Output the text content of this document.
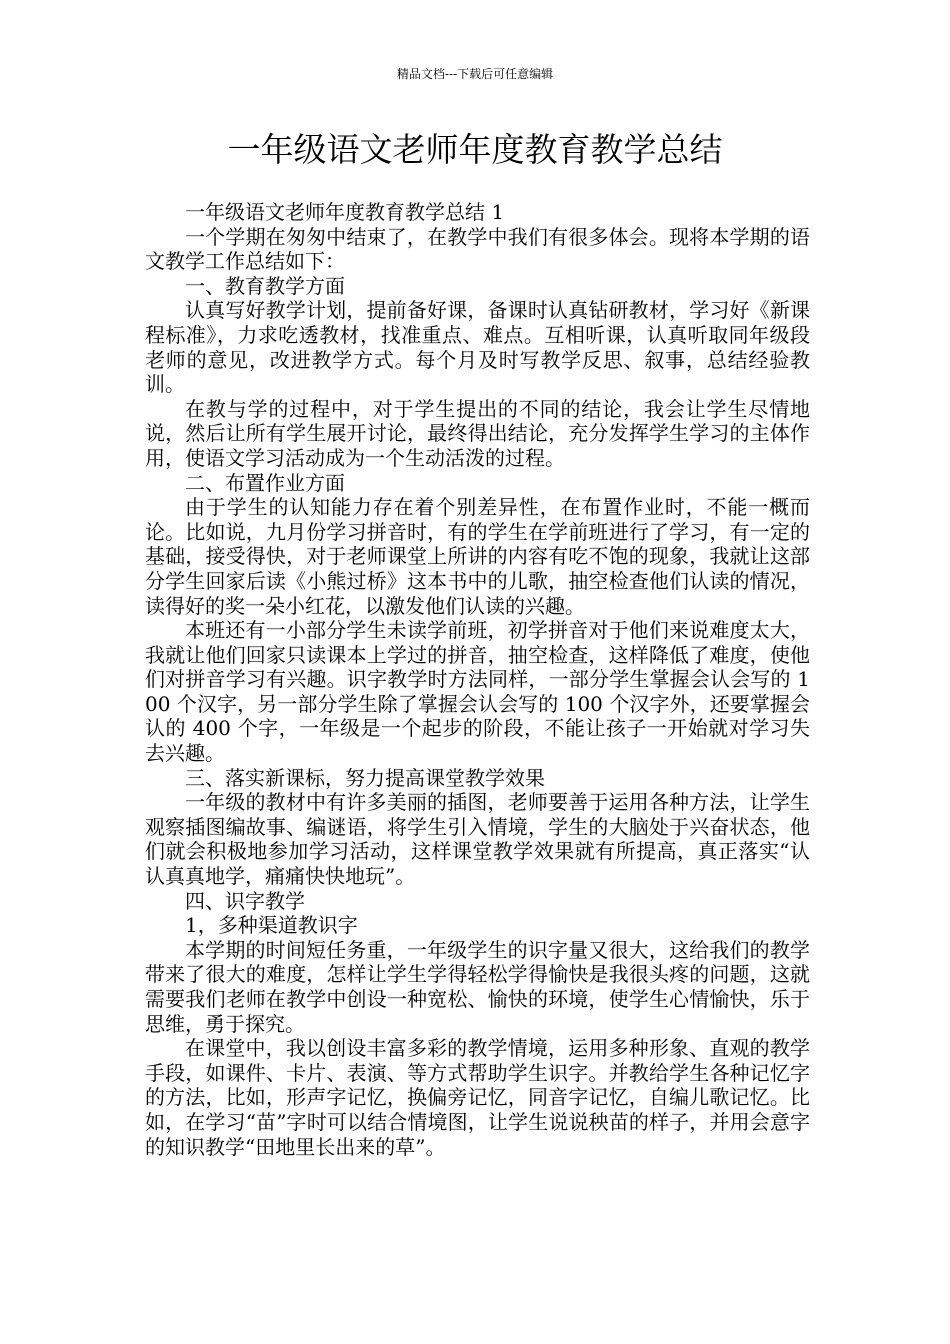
精品文档---下载后可任意编辑
一年级语文老师年度教育教学总结

一年级语文老师年度教育教学总结 1

一个学期在匆匆中结束了，在教学中我们有很多体会。现将本学期的语文教学工作总结如下：

一、教育教学方面

认真写好教学计划，提前备好课，备课时认真钻研教材，学习好《新课程标准》，力求吃透教材，找准重点、难点。互相听课，认真听取同年级段老师的意见，改进教学方式。每个月及时写教学反思、叙事，总结经验教训。

在教与学的过程中，对于学生提出的不同的结论，我会让学生尽情地说，然后让所有学生展开讨论，最终得出结论，充分发挥学生学习的主体作用，使语文学习活动成为一个生动活泼的过程。

二、布置作业方面

由于学生的认知能力存在着个别差异性，在布置作业时，不能一概而论。比如说，九月份学习拼音时，有的学生在学前班进行了学习，有一定的基础，接受得快，对于老师课堂上所讲的内容有吃不饱的现象，我就让这部分学生回家后读《小熊过桥》这本书中的儿歌，抽空检查他们认读的情况，读得好的奖一朵小红花，以激发他们认读的兴趣。

本班还有一小部分学生未读学前班，初学拼音对于他们来说难度太大，我就让他们回家只读课本上学过的拼音，抽空检查，这样降低了难度，使他们对拼音学习有兴趣。识字教学时方法同样，一部分学生掌握会认会写的 100 个汉字，另一部分学生除了掌握会认会写的 100 个汉字外，还要掌握会认的 400 个字，一年级是一个起步的阶段，不能让孩子一开始就对学习失去兴趣。

三、落实新课标，努力提高课堂教学效果

一年级的教材中有许多美丽的插图，老师要善于运用各种方法，让学生观察插图编故事、编谜语，将学生引入情境，学生的大脑处于兴奋状态，他们就会积极地参加学习活动，这样课堂教学效果就有所提高，真正落实“认认真真地学，痛痛快快地玩”。

四、识字教学

1，多种渠道教识字

本学期的时间短任务重，一年级学生的识字量又很大，这给我们的教学带来了很大的难度，怎样让学生学得轻松学得愉快是我很头疼的问题，这就需要我们老师在教学中创设一种宽松、愉快的环境，使学生心情愉快，乐于思维，勇于探究。

在课堂中，我以创设丰富多彩的教学情境，运用多种形象、直观的教学手段，如课件、卡片、表演、等方式帮助学生识字。并教给学生各种记忆字的方法，比如，形声字记忆，换偏旁记忆，同音字记忆，自编儿歌记忆。比如，在学习“苗”字时可以结合情境图，让学生说说秧苗的样子，并用会意字的知识教学“田地里长出来的草”。
